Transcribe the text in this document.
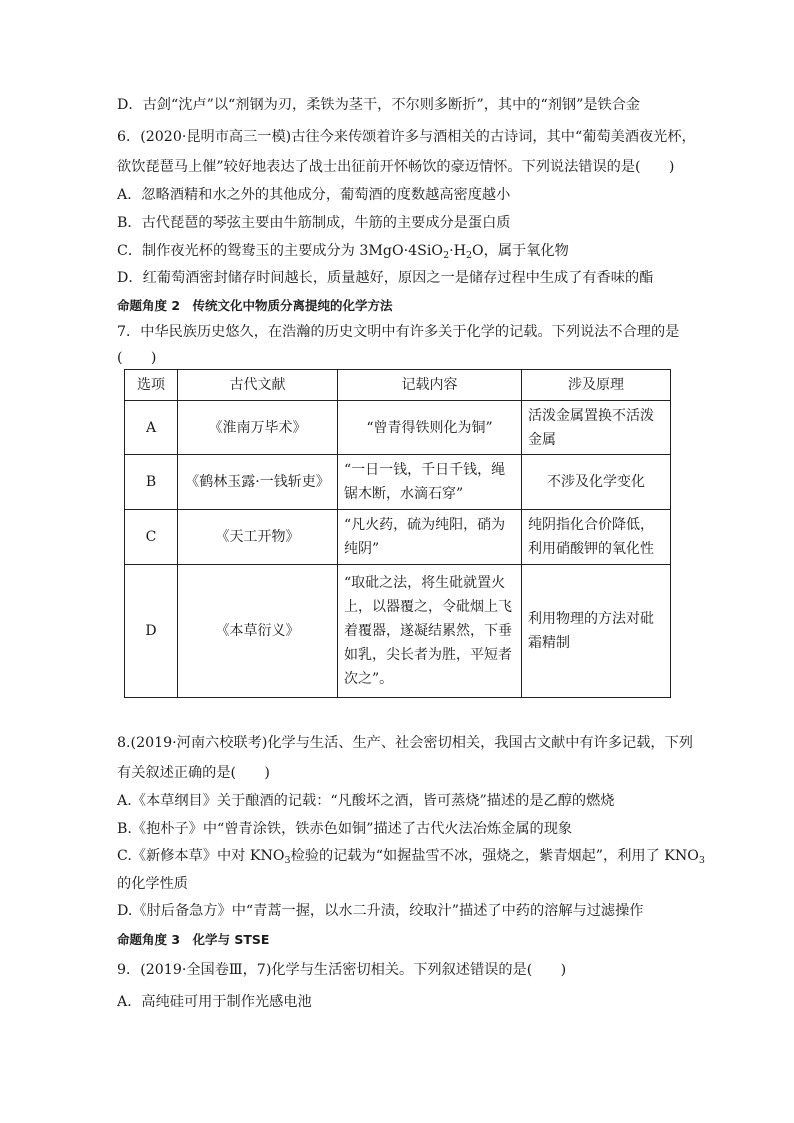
D．古剑“沈卢”以“剂钢为刃，柔铁为茎干，不尔则多断折”，其中的“剂钢”是铁合金
6．(2020·昆明市高三一模)古往今来传颂着许多与酒相关的古诗词，其中“葡萄美酒夜光杯，
欲饮琵琶马上催”较好地表达了战士出征前开怀畅饮的豪迈情怀。下列说法错误的是(　　)
A．忽略酒精和水之外的其他成分，葡萄酒的度数越高密度越小
B．古代琵琶的琴弦主要由牛筋制成，牛筋的主要成分是蛋白质
C．制作夜光杯的鸳鸯玉的主要成分为 $3MgO\cdot 4SiO_2\cdot H_2O$，属于氧化物
D．红葡萄酒密封储存时间越长，质量越好，原因之一是储存过程中生成了有香味的酯
命题角度 2　传统文化中物质分离提纯的化学方法
7．中华民族历史悠久，在浩瀚的历史文明中有许多关于化学的记载。下列说法不合理的是
(　　)
选项	古代文献	记载内容	涉及原理
A	《淮南万毕术》	“曾青得铁则化为铜”	活泼金属置换不活泼金属
B	《鹤林玉露·一钱斩吏》	“一日一钱，千日千钱，绳锯木断，水滴石穿”	不涉及化学变化
C	《天工开物》	“凡火药，硫为纯阳，硝为纯阴”	纯阴指化合价降低，利用硝酸钾的氧化性
D	《本草衍义》	“取砒之法，将生砒就置火上，以器覆之，令砒烟上飞着覆器，遂凝结累然，下垂如乳，尖长者为胜，平短者次之”。	利用物理的方法对砒霜精制
8.(2019·河南六校联考)化学与生活、生产、社会密切相关，我国古文献中有许多记载，下列
有关叙述正确的是(　　)
A.《本草纲目》关于酿酒的记载：“凡酸坏之酒，皆可蒸烧”描述的是乙醇的燃烧
B.《抱朴子》中“曾青涂铁，铁赤色如铜”描述了古代火法冶炼金属的现象
C.《新修本草》中对 $KNO_3$检验的记载为“如握盐雪不冰，强烧之，紫青烟起”，利用了 $KNO_3$
的化学性质
D.《肘后备急方》中“青蒿一握，以水二升渍，绞取汁”描述了中药的溶解与过滤操作
命题角度 3　化学与 STSE
9．(2019·全国卷Ⅲ，7)化学与生活密切相关。下列叙述错误的是(　　)
A．高纯硅可用于制作光感电池
